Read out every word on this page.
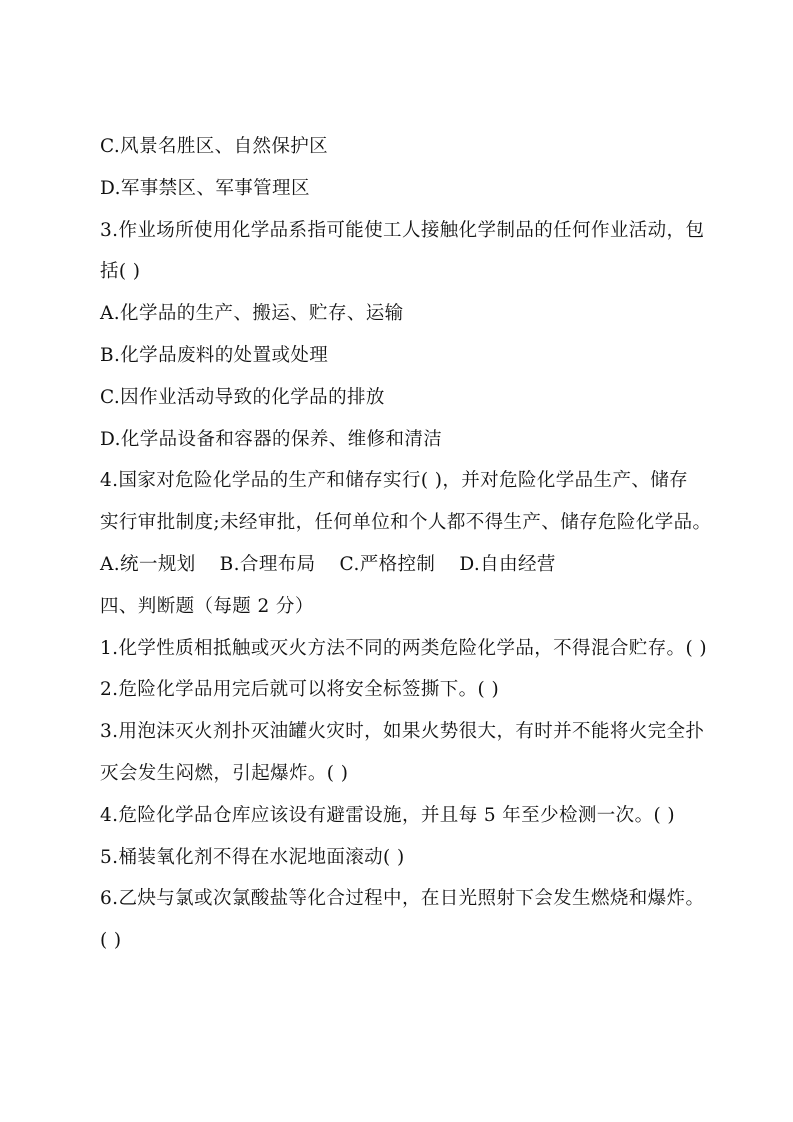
C.风景名胜区、自然保护区
D.军事禁区、军事管理区
3.作业场所使用化学品系指可能使工人接触化学制品的任何作业活动，包
括( )
A.化学品的生产、搬运、贮存、运输
B.化学品废料的处置或处理
C.因作业活动导致的化学品的排放
D.化学品设备和容器的保养、维修和清洁
4.国家对危险化学品的生产和储存实行( )，并对危险化学品生产、储存
实行审批制度;未经审批，任何单位和个人都不得生产、储存危险化学品。
A.统一规划 B.合理布局 C.严格控制 D.自由经营
四、判断题（每题 2 分）
1.化学性质相抵触或灭火方法不同的两类危险化学品，不得混合贮存。( )
2.危险化学品用完后就可以将安全标签撕下。( )
3.用泡沫灭火剂扑灭油罐火灾时，如果火势很大，有时并不能将火完全扑
灭会发生闷燃，引起爆炸。( )
4.危险化学品仓库应该设有避雷设施，并且每 5 年至少检测一次。( )
5.桶装氧化剂不得在水泥地面滚动( )
6.乙炔与氯或次氯酸盐等化合过程中，在日光照射下会发生燃烧和爆炸。
( )
